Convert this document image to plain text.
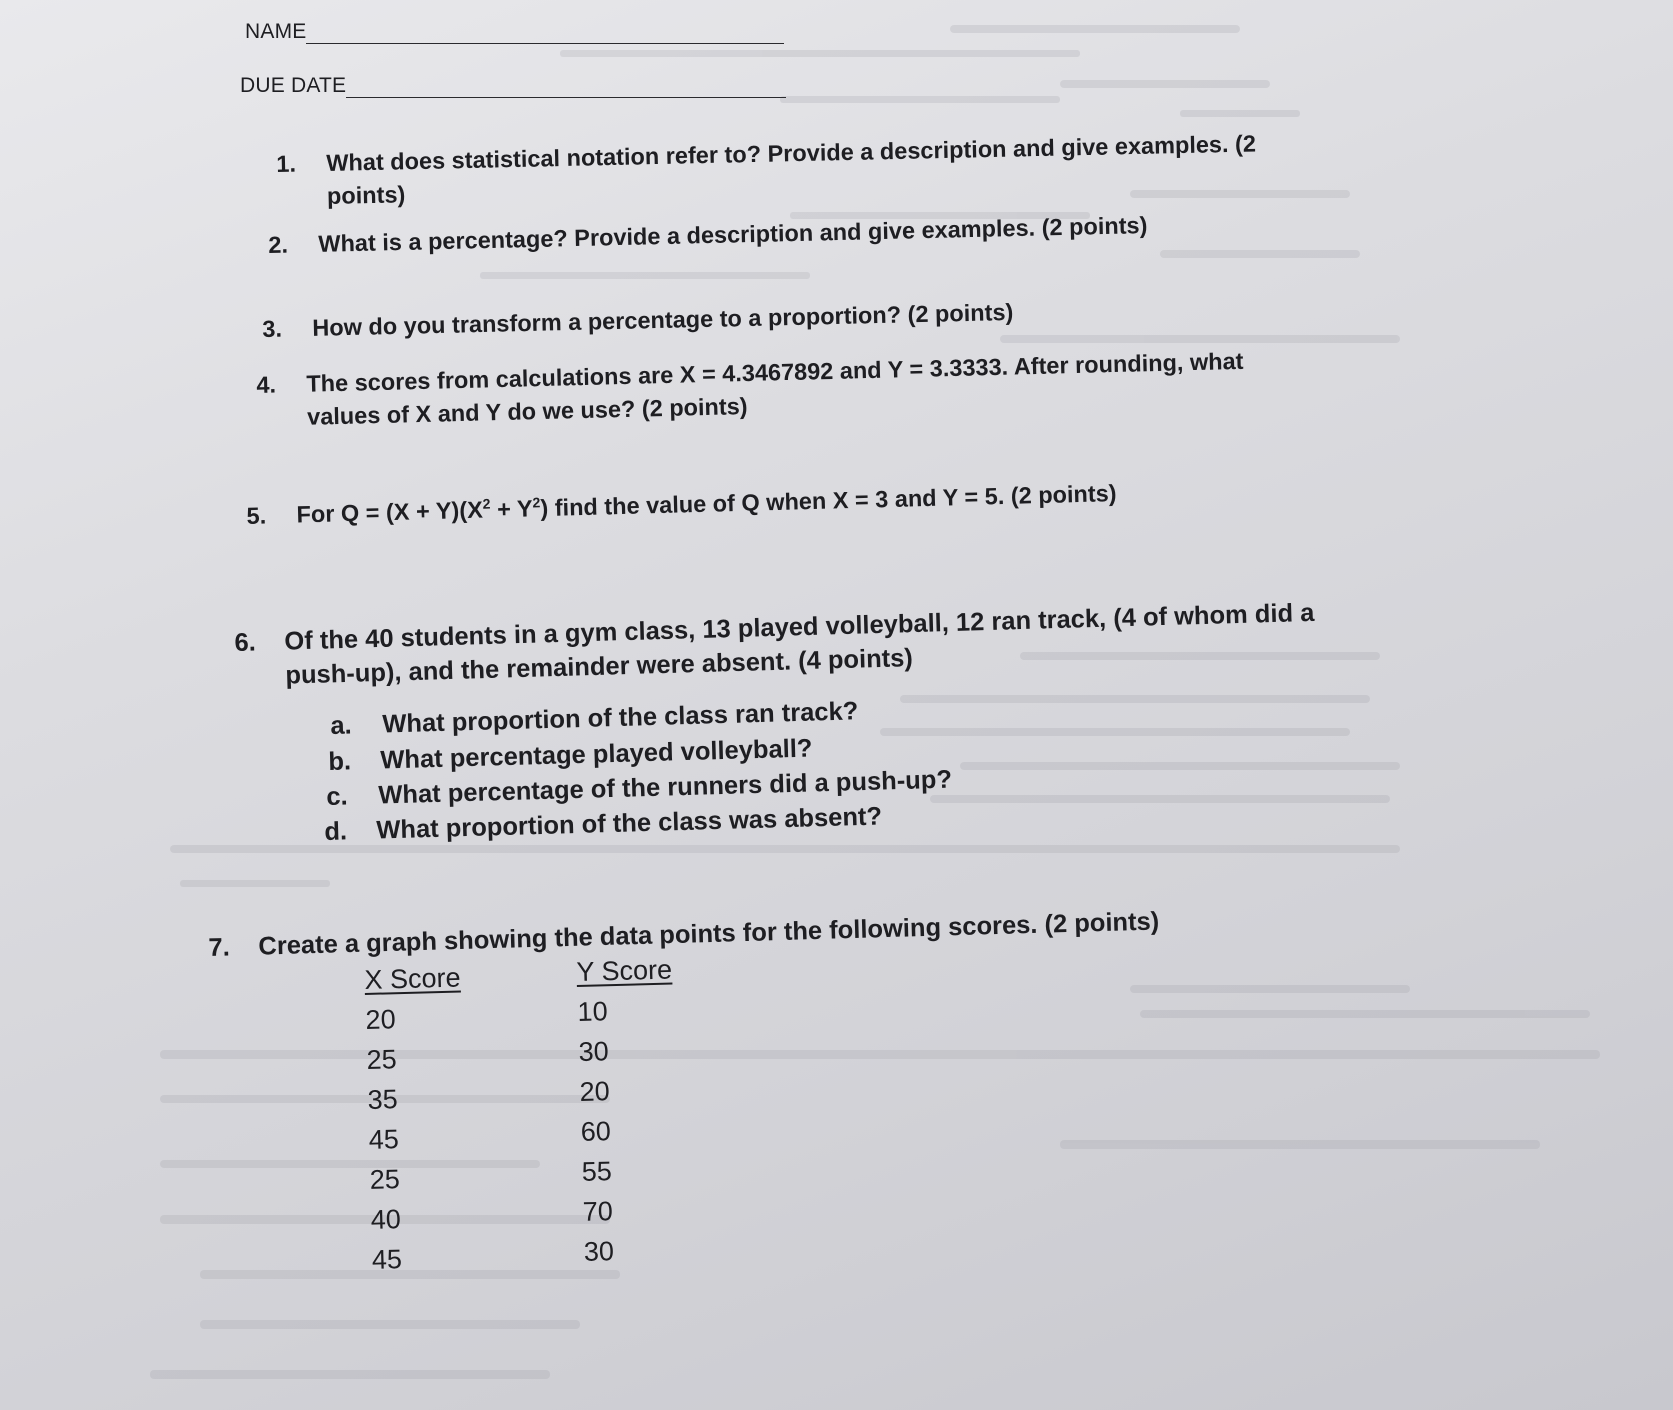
NAME
DUE DATE
1. What does statistical notation refer to? Provide a description and give examples. (2
points)
2. What is a percentage? Provide a description and give examples. (2 points)
3. How do you transform a percentage to a proportion? (2 points)
4. The scores from calculations are X = 4.3467892 and Y = 3.3333. After rounding, what
values of X and Y do we use? (2 points)
5. For $Q = (X + Y)(X^2 + Y^2)$ find the value of Q when X = 3 and Y = 5. (2 points)
6. Of the 40 students in a gym class, 13 played volleyball, 12 ran track, (4 of whom did a
push-up), and the remainder were absent. (4 points)
a. What proportion of the class ran track?
b. What percentage played volleyball?
c. What percentage of the runners did a push-up?
d. What proportion of the class was absent?
7. Create a graph showing the data points for the following scores. (2 points)
X Score
20
25
35
45
25
40
45
Y Score
10
30
20
60
55
70
30
